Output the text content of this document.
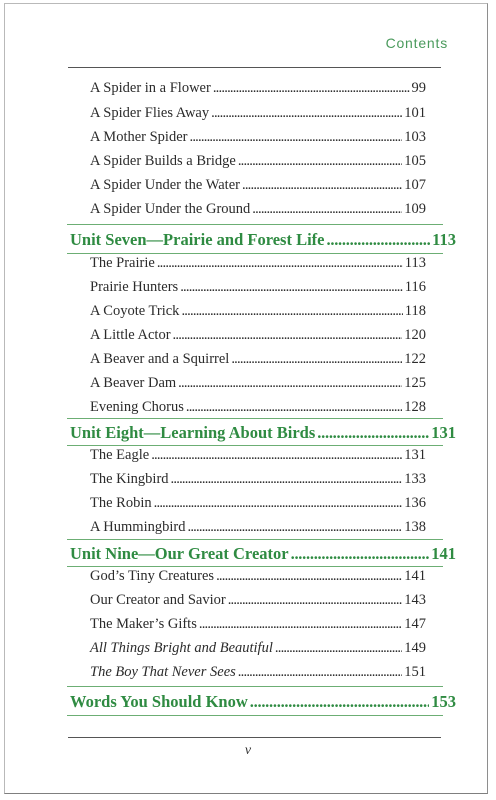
Contents
A Spider in a Flower . . .	99
A Spider Flies Away . . .	101
A Mother Spider . . .	103
A Spider Builds a Bridge . . .	105
A Spider Under the Water . . .	107
A Spider Under the Ground . . .	109
Unit Seven—Prairie and Forest Life . . .	113
The Prairie . . .	113
Prairie Hunters . . .	116
A Coyote Trick . . .	118
A Little Actor . . .	120
A Beaver and a Squirrel . . .	122
A Beaver Dam . . .	125
Evening Chorus . . .	128
Unit Eight—Learning About Birds . . .	131
The Eagle . . .	131
The Kingbird . . .	133
The Robin . . .	136
A Hummingbird . . .	138
Unit Nine—Our Great Creator . . .	141
God’s Tiny Creatures . . .	141
Our Creator and Savior . . .	143
The Maker’s Gifts . . .	147
All Things Bright and Beautiful . . .	149
The Boy That Never Sees . . .	151
Words You Should Know . . .	153
v
